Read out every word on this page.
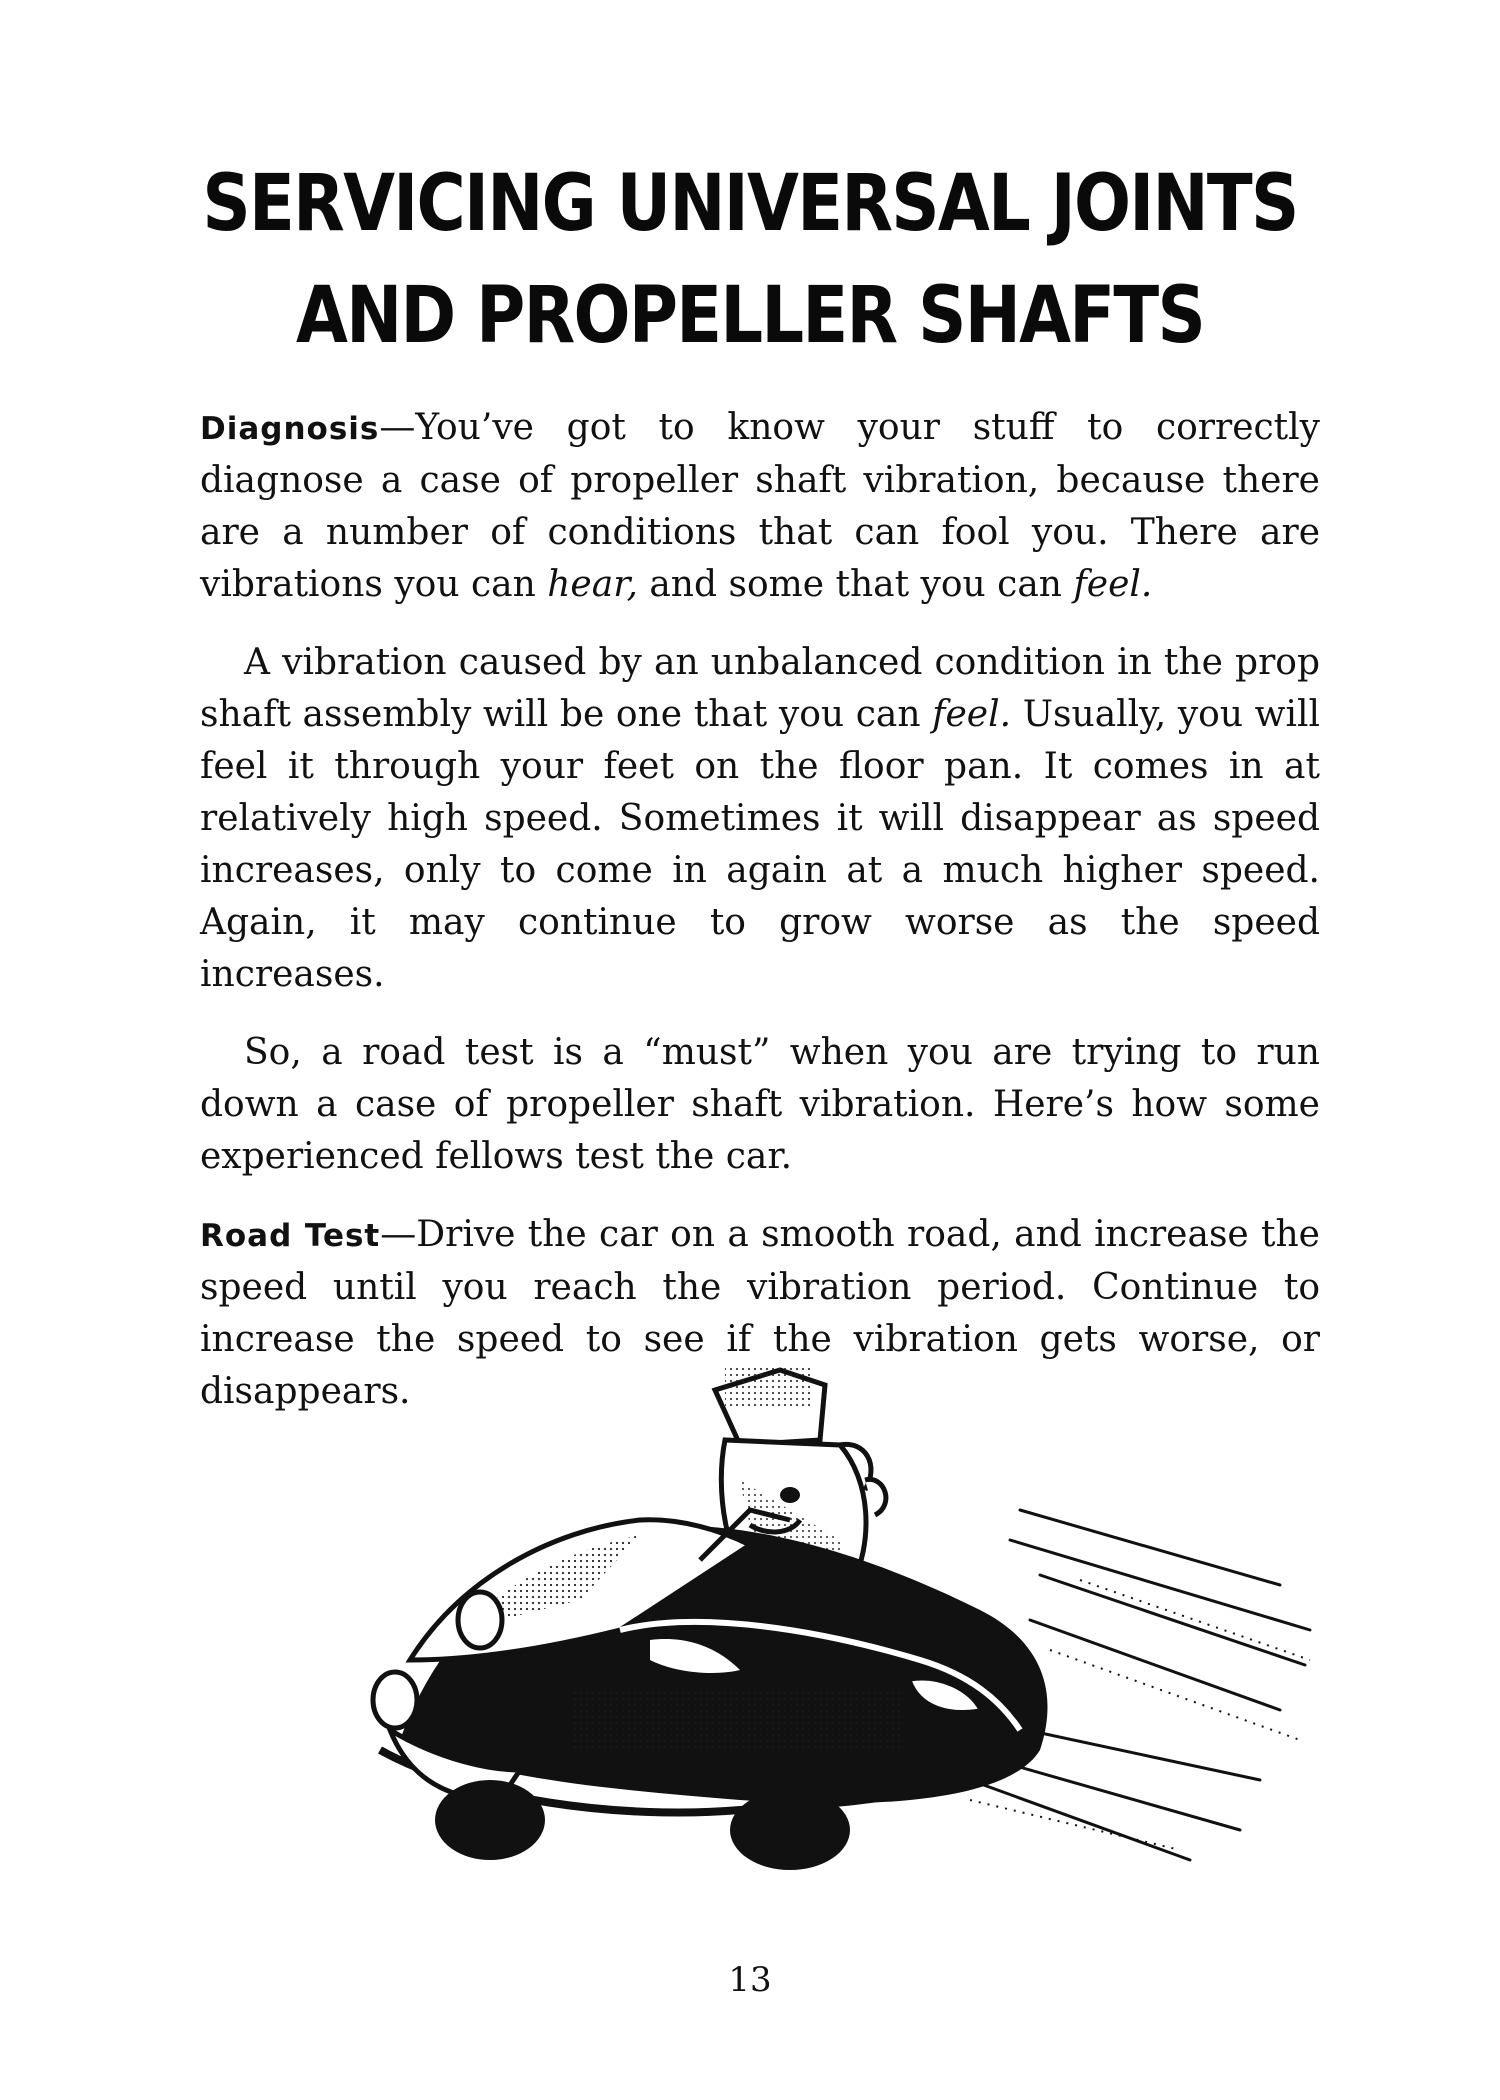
SERVICING UNIVERSAL JOINTS
AND PROPELLER SHAFTS

Diagnosis—You’ve got to know your stuff to correctly diagnose a case of propeller shaft vibration, because there are a number of conditions that can fool you. There are vibrations you can hear, and some that you can feel.

A vibration caused by an unbalanced condition in the prop shaft assembly will be one that you can feel. Usually, you will feel it through your feet on the floor pan. It comes in at relatively high speed. Sometimes it will disappear as speed increases, only to come in again at a much higher speed. Again, it may continue to grow worse as the speed increases.

So, a road test is a “must” when you are trying to run down a case of propeller shaft vibration. Here’s how some experienced fellows test the car.

Road Test—Drive the car on a smooth road, and increase the speed until you reach the vibration period. Continue to increase the speed to see if the vibration gets worse, or disappears.

13
